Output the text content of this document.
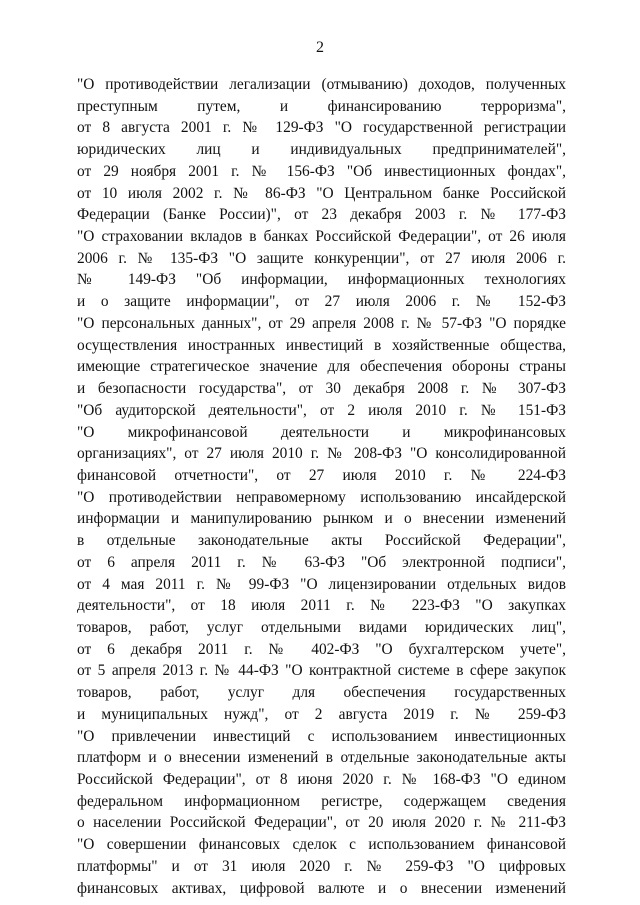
2
"О противодействии легализации (отмыванию) доходов, полученных
преступным путем, и финансированию терроризма",
от 8 августа 2001 г. № 129-ФЗ "О государственной регистрации
юридических лиц и индивидуальных предпринимателей",
от 29 ноября 2001 г. № 156-ФЗ "Об инвестиционных фондах",
от 10 июля 2002 г. № 86-ФЗ "О Центральном банке Российской
Федерации (Банке России)", от 23 декабря 2003 г. № 177-ФЗ
"О страховании вкладов в банках Российской Федерации", от 26 июля
2006 г. № 135-ФЗ "О защите конкуренции", от 27 июля 2006 г.
№ 149-ФЗ "Об информации, информационных технологиях
и о защите информации", от 27 июля 2006 г. № 152-ФЗ
"О персональных данных", от 29 апреля 2008 г. № 57-ФЗ "О порядке
осуществления иностранных инвестиций в хозяйственные общества,
имеющие стратегическое значение для обеспечения обороны страны
и безопасности государства", от 30 декабря 2008 г. № 307-ФЗ
"Об аудиторской деятельности", от 2 июля 2010 г. № 151-ФЗ
"О микрофинансовой деятельности и микрофинансовых
организациях", от 27 июля 2010 г. № 208-ФЗ "О консолидированной
финансовой отчетности", от 27 июля 2010 г. № 224-ФЗ
"О противодействии неправомерному использованию инсайдерской
информации и манипулированию рынком и о внесении изменений
в отдельные законодательные акты Российской Федерации",
от 6 апреля 2011 г. № 63-ФЗ "Об электронной подписи",
от 4 мая 2011 г. № 99-ФЗ "О лицензировании отдельных видов
деятельности", от 18 июля 2011 г. № 223-ФЗ "О закупках
товаров, работ, услуг отдельными видами юридических лиц",
от 6 декабря 2011 г. № 402-ФЗ "О бухгалтерском учете",
от 5 апреля 2013 г. № 44-ФЗ "О контрактной системе в сфере закупок
товаров, работ, услуг для обеспечения государственных
и муниципальных нужд", от 2 августа 2019 г. № 259-ФЗ
"О привлечении инвестиций с использованием инвестиционных
платформ и о внесении изменений в отдельные законодательные акты
Российской Федерации", от 8 июня 2020 г. № 168-ФЗ "О едином
федеральном информационном регистре, содержащем сведения
о населении Российской Федерации", от 20 июля 2020 г. № 211-ФЗ
"О совершении финансовых сделок с использованием финансовой
платформы" и от 31 июля 2020 г. № 259-ФЗ "О цифровых
финансовых активах, цифровой валюте и о внесении изменений
